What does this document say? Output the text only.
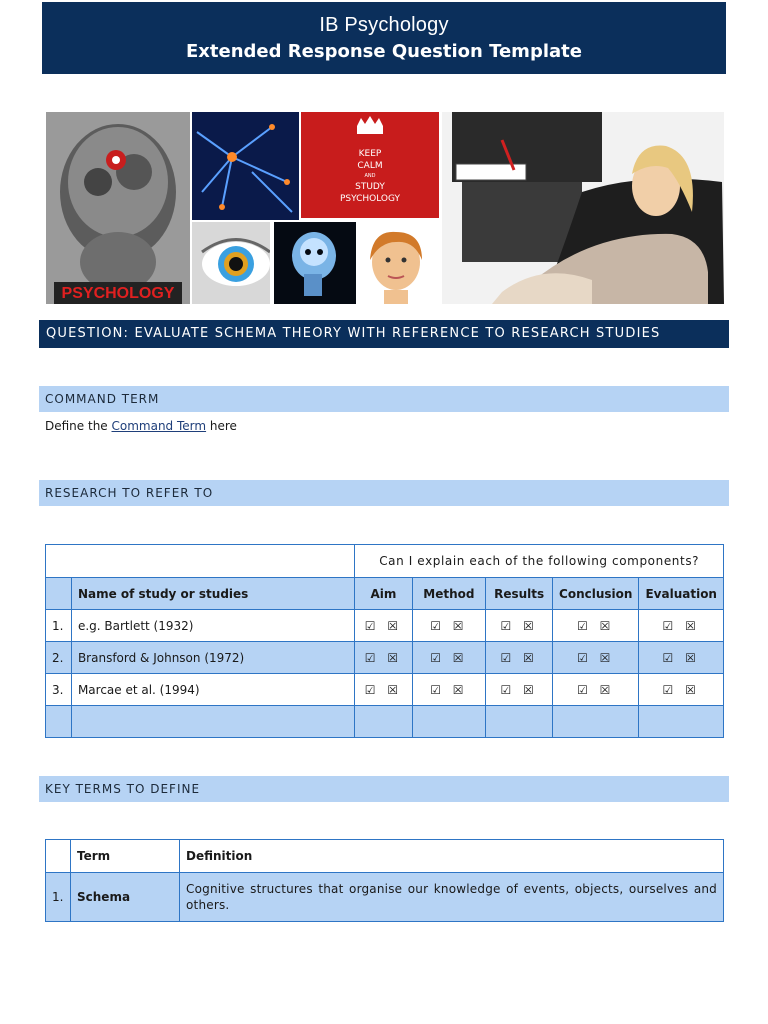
IB Psychology
Extended Response Question Template
PSYCHOLOGY
KEEP
CALM
AND
STUDY
PSYCHOLOGY
QUESTION: EVALUATE SCHEMA THEORY WITH REFERENCE TO RESEARCH STUDIES
COMMAND TERM
Define the Command Term here
RESEARCH TO REFER TO
		Can I explain each of the following components?				
	Name of study or studies	Aim	Method	Results	Conclusion	Evaluation
1.	e.g. Bartlett (1932)	☑ ☒	☑ ☒	☑ ☒	☑ ☒	☑ ☒
2.	Bransford & Johnson (1972)	☑ ☒	☑ ☒	☑ ☒	☑ ☒	☑ ☒
3.	Marcae et al. (1994)	☑ ☒	☑ ☒	☑ ☒	☑ ☒	☑ ☒

KEY TERMS TO DEFINE
	Term	Definition
1.	Schema	Cognitive structures that organise our knowledge of events, objects, ourselves and others.
